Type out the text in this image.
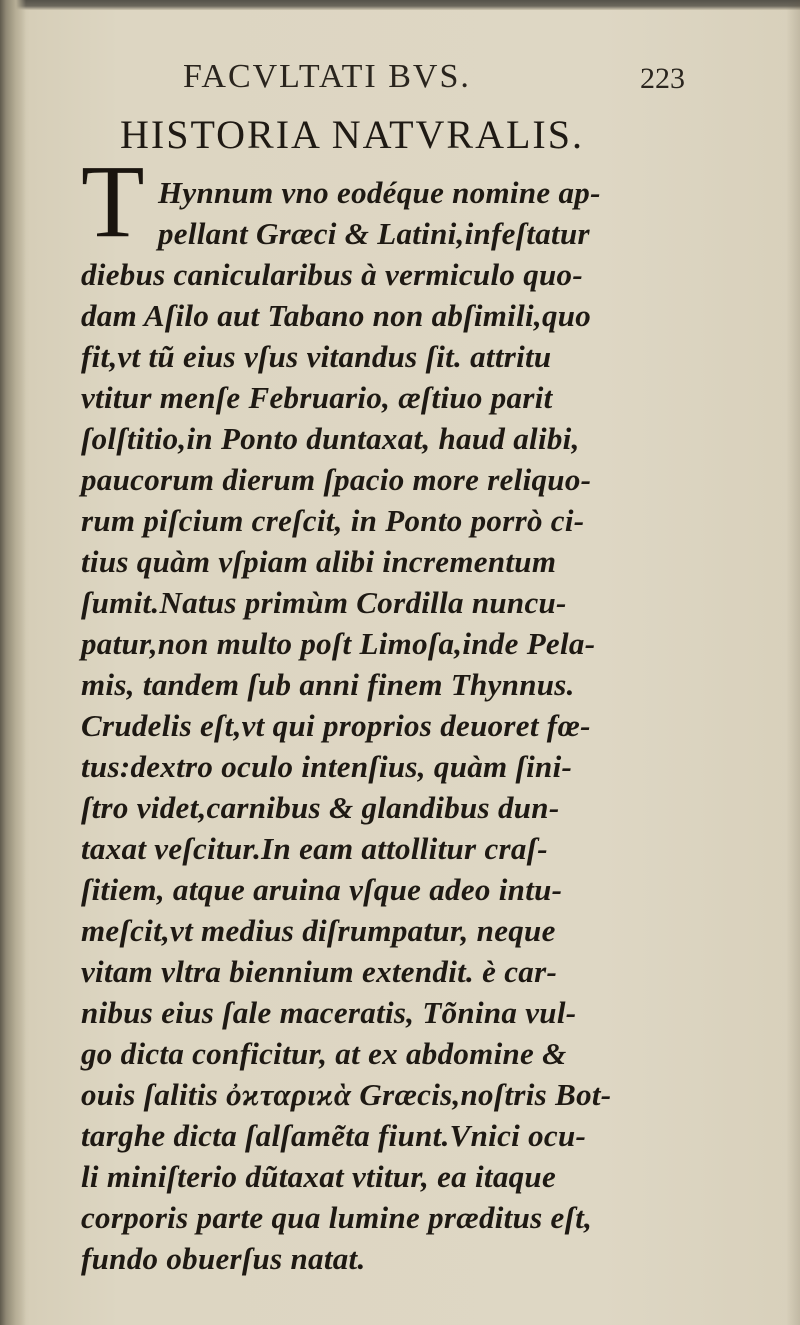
FACVLTATI BVS.	223
HISTORIA NATVRALIS.
T Hynnum vno eodéque nomine ap-
pellant Græci & Latini,infeſtatur
diebus canicularibus à vermiculo quo-
dam Aſilo aut Tabano non abſimili,quo
fit,vt tũ eius vſus vitandus ſit. attritu
vtitur menſe Februario, æſtiuo parit
ſolſtitio,in Ponto duntaxat, haud alibi,
paucorum dierum ſpacio more reliquo-
rum piſcium creſcit, in Ponto porrò ci-
tius quàm vſpiam alibi incrementum
ſumit.Natus primùm Cordilla nuncu-
patur,non multo poſt Limoſa,inde Pela-
mis, tandem ſub anni finem Thynnus.
Crudelis eſt,vt qui proprios deuoret fœ-
tus:dextro oculo intenſius, quàm ſini-
ſtro videt,carnibus & glandibus dun-
taxat veſcitur.In eam attollitur craſ-
ſitiem, atque aruina vſque adeo intu-
meſcit,vt medius diſrumpatur, neque
vitam vltra biennium extendit. è car-
nibus eius ſale maceratis, Tõnina vul-
go dicta conficitur, at ex abdomine &
ouis ſalitis ὀϰταριϰὰ Græcis,noſtris Bot-
targhe dicta ſalſamẽta fiunt.Vnici ocu-
li miniſterio dũtaxat vtitur, ea itaque
corporis parte qua lumine præditus eſt,
fundo obuerſus natat.
